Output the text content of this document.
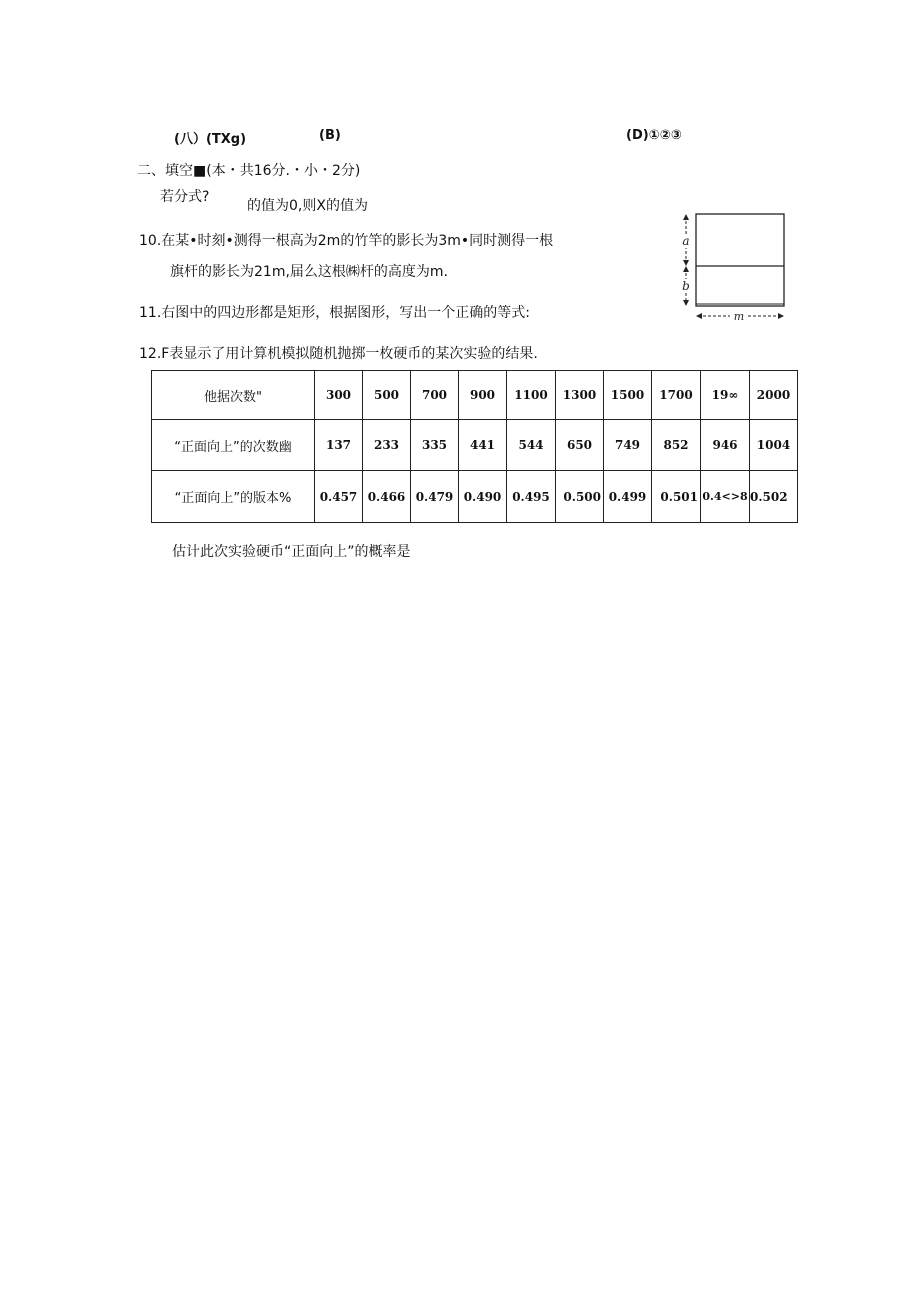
(八）(TXg)	(B)	(D)①②③
二、填空■(本・共16分.・小・2分)
若分式?
的值为0,则X的值为
10.在某•时刻•测得一根高为2m的竹竿的影长为3m•同时测得一根
旗杆的影长为21m,届么这根㈱杆的高度为m.
11.右图中的四边形都是矩形，根据图形，写出一个正确的等式:
12.F表显示了用计算机模拟随机抛掷一枚硬币的某次实验的结果.
a
b
m
他据次数"	300	500	700	900	1100	1300	1500	1700	19∞	2000
“正面向上”的次数幽	137	233	335	441	544	650	749	852	946	1004
“正面向上”的版本%	0.457	0.466	0.479	0.490	0.495	0.500	0.499	0.501	0.4<>8	0.502
估计此次实验硬币“正面向上”的概率是
